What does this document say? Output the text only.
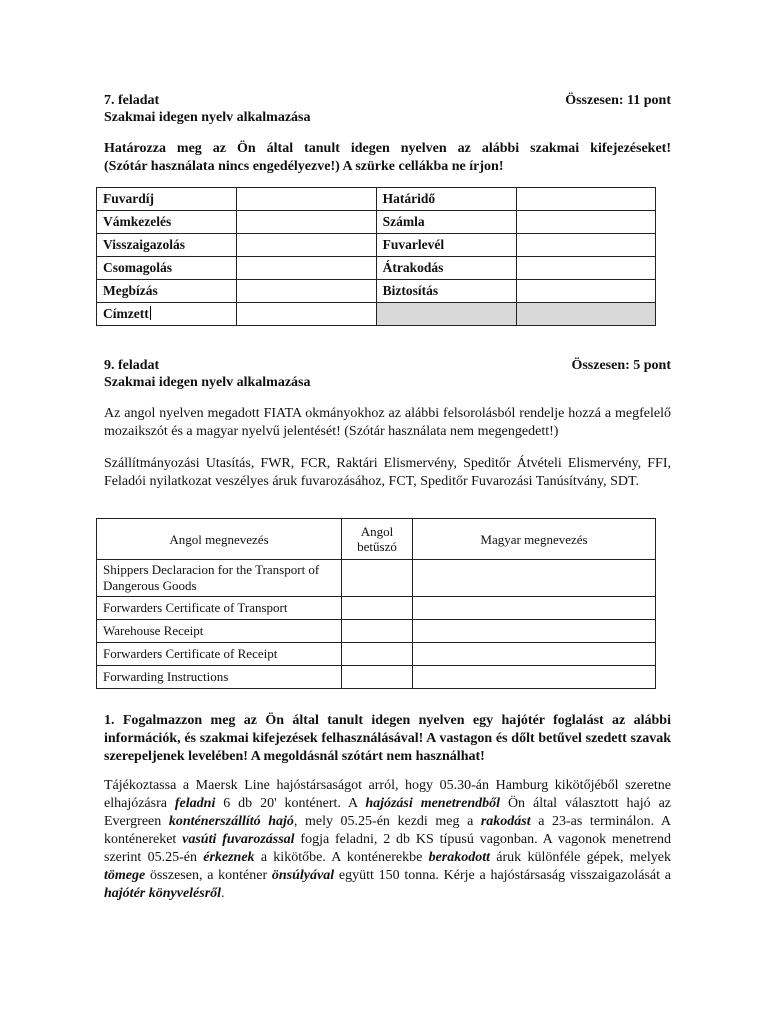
7. feladat	Összesen: 11 pont
Szakmai idegen nyelv alkalmazása
Határozza meg az Ön által tanult idegen nyelven az alábbi szakmai kifejezéseket!
(Szótár használata nincs engedélyezve!) A szürke cellákba ne írjon!
Fuvardíj		Határidő	
Vámkezelés		Számla	
Visszaigazolás		Fuvarlevél	
Csomagolás		Átrakodás	
Megbízás		Biztosítás	
Címzett			
9. feladat	Összesen: 5 pont
Szakmai idegen nyelv alkalmazása
Az angol nyelven megadott FIATA okmányokhoz az alábbi felsorolásból rendelje hozzá a megfelelő mozaikszót és a magyar nyelvű jelentését! (Szótár használata nem megengedett!)
Szállítmányozási Utasítás, FWR, FCR, Raktári Elismervény, Speditőr Átvételi Elismervény, FFI, Feladói nyilatkozat veszélyes áruk fuvarozásához, FCT, Speditőr Fuvarozási Tanúsítvány, SDT.
Angol megnevezés	Angol betűszó	Magyar megnevezés
Shippers Declaracion for the Transport of Dangerous Goods		
Forwarders Certificate of Transport		
Warehouse Receipt		
Forwarders Certificate of Receipt		
Forwarding Instructions		
1. Fogalmazzon meg az Ön által tanult idegen nyelven egy hajótér foglalást az alábbi információk, és szakmai kifejezések felhasználásával! A vastagon és dőlt betűvel szedett szavak szerepeljenek levelében! A megoldásnál szótárt nem használhat!
Tájékoztassa a Maersk Line hajóstársaságot arról, hogy 05.30-án Hamburg kikötőjéből szeretne elhajózásra feladni 6 db 20' konténert. A hajózási menetrendből Ön által választott hajó az Evergreen konténerszállító hajó, mely 05.25-én kezdi meg a rakodást a 23-as terminálon. A konténereket vasúti fuvarozással fogja feladni, 2 db KS típusú vagonban. A vagonok menetrend szerint 05.25-én érkeznek a kikötőbe. A konténerekbe berakodott áruk különféle gépek, melyek tömege összesen, a konténer önsúlyával együtt 150 tonna. Kérje a hajóstársaság visszaigazolását a hajótér könyvelésről.
